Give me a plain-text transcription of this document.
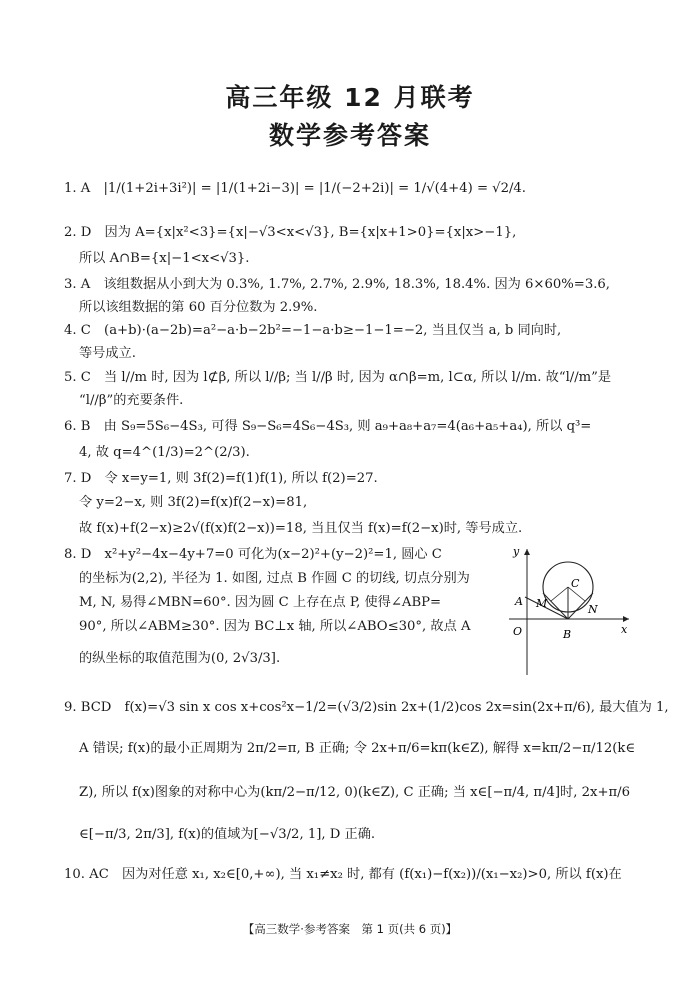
高三年级 12 月联考
数学参考答案
1. A　|1/(1+2i+3i²)| = |1/(1+2i−3)| = |1/(−2+2i)| = 1/√(4+4) = √2/4.
2. D　因为 A={x|x²<3}={x|−√3<x<√3}, B={x|x+1>0}={x|x>−1},
所以 A∩B={x|−1<x<√3}.
3. A　该组数据从小到大为 0.3%, 1.7%, 2.7%, 2.9%, 18.3%, 18.4%. 因为 6×60%=3.6,
所以该组数据的第 60 百分位数为 2.9%.
4. C　(a+b)·(a−2b)=a²−a·b−2b²=−1−a·b≥−1−1=−2, 当且仅当 a, b 同向时,
等号成立.
5. C　当 l//m 时, 因为 l⊄β, 所以 l//β; 当 l//β 时, 因为 α∩β=m, l⊂α, 所以 l//m. 故“l//m”是
“l//β”的充要条件.
6. B　由 S₉=5S₆−4S₃, 可得 S₉−S₆=4S₆−4S₃, 则 a₉+a₈+a₇=4(a₆+a₅+a₄), 所以 q³=
4, 故 q=4^(1/3)=2^(2/3).
7. D　令 x=y=1, 则 3f(2)=f(1)f(1), 所以 f(2)=27.
令 y=2−x, 则 3f(2)=f(x)f(2−x)=81,
故 f(x)+f(2−x)≥2√(f(x)f(2−x))=18, 当且仅当 f(x)=f(2−x)时, 等号成立.
8. D　x²+y²−4x−4y+7=0 可化为(x−2)²+(y−2)²=1, 圆心 C
的坐标为(2,2), 半径为 1. 如图, 过点 B 作圆 C 的切线, 切点分别为
M, N, 易得∠MBN=60°. 因为圆 C 上存在点 P, 使得∠ABP=
90°, 所以∠ABM≥30°. 因为 BC⊥x 轴, 所以∠ABO≤30°, 故点 A
的纵坐标的取值范围为(0, 2√3/3].
9. BCD　f(x)=√3 sin x cos x+cos²x−1/2=(√3/2)sin 2x+(1/2)cos 2x=sin(2x+π/6), 最大值为 1,
A 错误; f(x)的最小正周期为 2π/2=π, B 正确; 令 2x+π/6=kπ(k∈Z), 解得 x=kπ/2−π/12(k∈
Z), 所以 f(x)图象的对称中心为(kπ/2−π/12, 0)(k∈Z), C 正确; 当 x∈[−π/4, π/4]时, 2x+π/6
∈[−π/3, 2π/3], f(x)的值域为[−√3/2, 1], D 正确.
10. AC　因为对任意 x₁, x₂∈[0,+∞), 当 x₁≠x₂ 时, 都有 (f(x₁)−f(x₂))/(x₁−x₂)>0, 所以 f(x)在
y
x
O
A
B
C
M	N
【高三数学·参考答案　第 1 页(共 6 页)】
